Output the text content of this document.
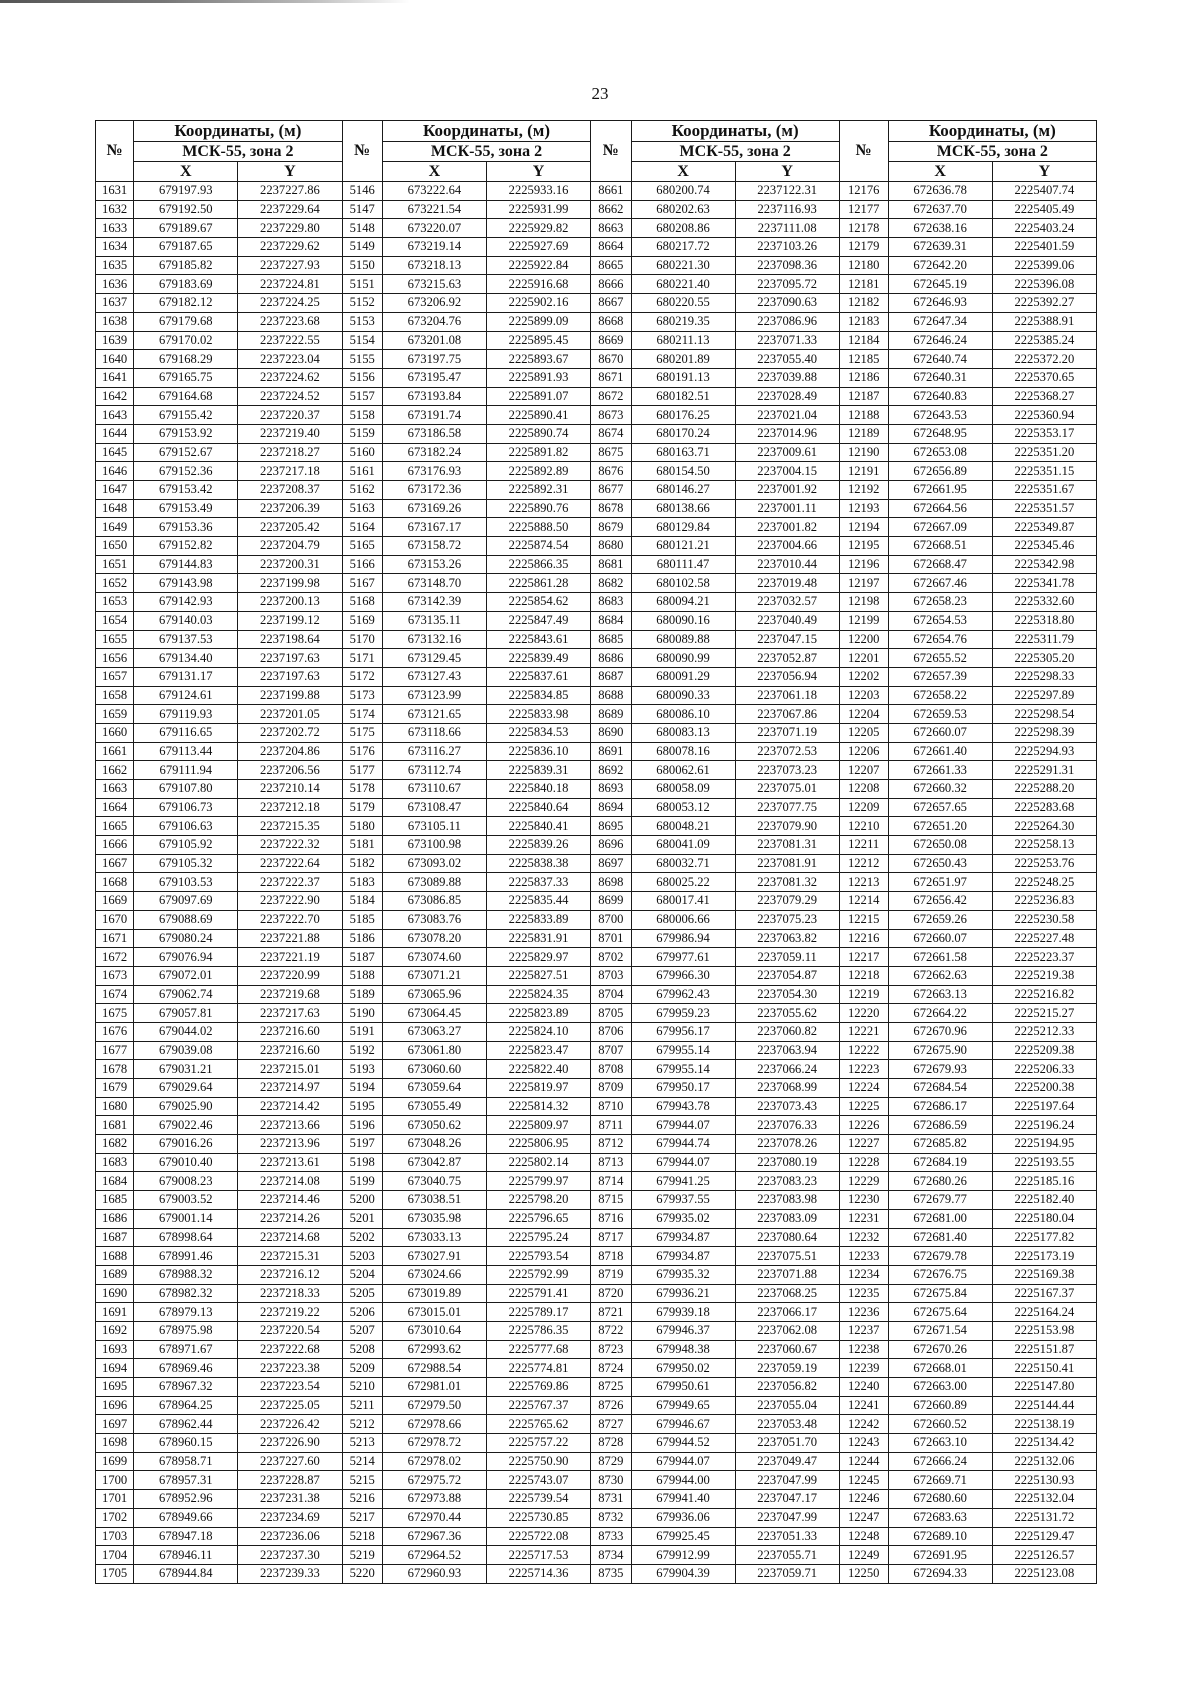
23
№	Координаты, (м)		№	Координаты, (м)		№	Координаты, (м)		№	Координаты, (м)	
	МСК-55, зона 2			МСК-55, зона 2			МСК-55, зона 2			МСК-55, зона 2	
	X	Y		X	Y		X	Y		X	Y
1631	679197.93	2237227.86	5146	673222.64	2225933.16	8661	680200.74	2237122.31	12176	672636.78	2225407.74
1632	679192.50	2237229.64	5147	673221.54	2225931.99	8662	680202.63	2237116.93	12177	672637.70	2225405.49
1633	679189.67	2237229.80	5148	673220.07	2225929.82	8663	680208.86	2237111.08	12178	672638.16	2225403.24
1634	679187.65	2237229.62	5149	673219.14	2225927.69	8664	680217.72	2237103.26	12179	672639.31	2225401.59
1635	679185.82	2237227.93	5150	673218.13	2225922.84	8665	680221.30	2237098.36	12180	672642.20	2225399.06
1636	679183.69	2237224.81	5151	673215.63	2225916.68	8666	680221.40	2237095.72	12181	672645.19	2225396.08
1637	679182.12	2237224.25	5152	673206.92	2225902.16	8667	680220.55	2237090.63	12182	672646.93	2225392.27
1638	679179.68	2237223.68	5153	673204.76	2225899.09	8668	680219.35	2237086.96	12183	672647.34	2225388.91
1639	679170.02	2237222.55	5154	673201.08	2225895.45	8669	680211.13	2237071.33	12184	672646.24	2225385.24
1640	679168.29	2237223.04	5155	673197.75	2225893.67	8670	680201.89	2237055.40	12185	672640.74	2225372.20
1641	679165.75	2237224.62	5156	673195.47	2225891.93	8671	680191.13	2237039.88	12186	672640.31	2225370.65
1642	679164.68	2237224.52	5157	673193.84	2225891.07	8672	680182.51	2237028.49	12187	672640.83	2225368.27
1643	679155.42	2237220.37	5158	673191.74	2225890.41	8673	680176.25	2237021.04	12188	672643.53	2225360.94
1644	679153.92	2237219.40	5159	673186.58	2225890.74	8674	680170.24	2237014.96	12189	672648.95	2225353.17
1645	679152.67	2237218.27	5160	673182.24	2225891.82	8675	680163.71	2237009.61	12190	672653.08	2225351.20
1646	679152.36	2237217.18	5161	673176.93	2225892.89	8676	680154.50	2237004.15	12191	672656.89	2225351.15
1647	679153.42	2237208.37	5162	673172.36	2225892.31	8677	680146.27	2237001.92	12192	672661.95	2225351.67
1648	679153.49	2237206.39	5163	673169.26	2225890.76	8678	680138.66	2237001.11	12193	672664.56	2225351.57
1649	679153.36	2237205.42	5164	673167.17	2225888.50	8679	680129.84	2237001.82	12194	672667.09	2225349.87
1650	679152.82	2237204.79	5165	673158.72	2225874.54	8680	680121.21	2237004.66	12195	672668.51	2225345.46
1651	679144.83	2237200.31	5166	673153.26	2225866.35	8681	680111.47	2237010.44	12196	672668.47	2225342.98
1652	679143.98	2237199.98	5167	673148.70	2225861.28	8682	680102.58	2237019.48	12197	672667.46	2225341.78
1653	679142.93	2237200.13	5168	673142.39	2225854.62	8683	680094.21	2237032.57	12198	672658.23	2225332.60
1654	679140.03	2237199.12	5169	673135.11	2225847.49	8684	680090.16	2237040.49	12199	672654.53	2225318.80
1655	679137.53	2237198.64	5170	673132.16	2225843.61	8685	680089.88	2237047.15	12200	672654.76	2225311.79
1656	679134.40	2237197.63	5171	673129.45	2225839.49	8686	680090.99	2237052.87	12201	672655.52	2225305.20
1657	679131.17	2237197.63	5172	673127.43	2225837.61	8687	680091.29	2237056.94	12202	672657.39	2225298.33
1658	679124.61	2237199.88	5173	673123.99	2225834.85	8688	680090.33	2237061.18	12203	672658.22	2225297.89
1659	679119.93	2237201.05	5174	673121.65	2225833.98	8689	680086.10	2237067.86	12204	672659.53	2225298.54
1660	679116.65	2237202.72	5175	673118.66	2225834.53	8690	680083.13	2237071.19	12205	672660.07	2225298.39
1661	679113.44	2237204.86	5176	673116.27	2225836.10	8691	680078.16	2237072.53	12206	672661.40	2225294.93
1662	679111.94	2237206.56	5177	673112.74	2225839.31	8692	680062.61	2237073.23	12207	672661.33	2225291.31
1663	679107.80	2237210.14	5178	673110.67	2225840.18	8693	680058.09	2237075.01	12208	672660.32	2225288.20
1664	679106.73	2237212.18	5179	673108.47	2225840.64	8694	680053.12	2237077.75	12209	672657.65	2225283.68
1665	679106.63	2237215.35	5180	673105.11	2225840.41	8695	680048.21	2237079.90	12210	672651.20	2225264.30
1666	679105.92	2237222.32	5181	673100.98	2225839.26	8696	680041.09	2237081.31	12211	672650.08	2225258.13
1667	679105.32	2237222.64	5182	673093.02	2225838.38	8697	680032.71	2237081.91	12212	672650.43	2225253.76
1668	679103.53	2237222.37	5183	673089.88	2225837.33	8698	680025.22	2237081.32	12213	672651.97	2225248.25
1669	679097.69	2237222.90	5184	673086.85	2225835.44	8699	680017.41	2237079.29	12214	672656.42	2225236.83
1670	679088.69	2237222.70	5185	673083.76	2225833.89	8700	680006.66	2237075.23	12215	672659.26	2225230.58
1671	679080.24	2237221.88	5186	673078.20	2225831.91	8701	679986.94	2237063.82	12216	672660.07	2225227.48
1672	679076.94	2237221.19	5187	673074.60	2225829.97	8702	679977.61	2237059.11	12217	672661.58	2225223.37
1673	679072.01	2237220.99	5188	673071.21	2225827.51	8703	679966.30	2237054.87	12218	672662.63	2225219.38
1674	679062.74	2237219.68	5189	673065.96	2225824.35	8704	679962.43	2237054.30	12219	672663.13	2225216.82
1675	679057.81	2237217.63	5190	673064.45	2225823.89	8705	679959.23	2237055.62	12220	672664.22	2225215.27
1676	679044.02	2237216.60	5191	673063.27	2225824.10	8706	679956.17	2237060.82	12221	672670.96	2225212.33
1677	679039.08	2237216.60	5192	673061.80	2225823.47	8707	679955.14	2237063.94	12222	672675.90	2225209.38
1678	679031.21	2237215.01	5193	673060.60	2225822.40	8708	679955.14	2237066.24	12223	672679.93	2225206.33
1679	679029.64	2237214.97	5194	673059.64	2225819.97	8709	679950.17	2237068.99	12224	672684.54	2225200.38
1680	679025.90	2237214.42	5195	673055.49	2225814.32	8710	679943.78	2237073.43	12225	672686.17	2225197.64
1681	679022.46	2237213.66	5196	673050.62	2225809.97	8711	679944.07	2237076.33	12226	672686.59	2225196.24
1682	679016.26	2237213.96	5197	673048.26	2225806.95	8712	679944.74	2237078.26	12227	672685.82	2225194.95
1683	679010.40	2237213.61	5198	673042.87	2225802.14	8713	679944.07	2237080.19	12228	672684.19	2225193.55
1684	679008.23	2237214.08	5199	673040.75	2225799.97	8714	679941.25	2237083.23	12229	672680.26	2225185.16
1685	679003.52	2237214.46	5200	673038.51	2225798.20	8715	679937.55	2237083.98	12230	672679.77	2225182.40
1686	679001.14	2237214.26	5201	673035.98	2225796.65	8716	679935.02	2237083.09	12231	672681.00	2225180.04
1687	678998.64	2237214.68	5202	673033.13	2225795.24	8717	679934.87	2237080.64	12232	672681.40	2225177.82
1688	678991.46	2237215.31	5203	673027.91	2225793.54	8718	679934.87	2237075.51	12233	672679.78	2225173.19
1689	678988.32	2237216.12	5204	673024.66	2225792.99	8719	679935.32	2237071.88	12234	672676.75	2225169.38
1690	678982.32	2237218.33	5205	673019.89	2225791.41	8720	679936.21	2237068.25	12235	672675.84	2225167.37
1691	678979.13	2237219.22	5206	673015.01	2225789.17	8721	679939.18	2237066.17	12236	672675.64	2225164.24
1692	678975.98	2237220.54	5207	673010.64	2225786.35	8722	679946.37	2237062.08	12237	672671.54	2225153.98
1693	678971.67	2237222.68	5208	672993.62	2225777.68	8723	679948.38	2237060.67	12238	672670.26	2225151.87
1694	678969.46	2237223.38	5209	672988.54	2225774.81	8724	679950.02	2237059.19	12239	672668.01	2225150.41
1695	678967.32	2237223.54	5210	672981.01	2225769.86	8725	679950.61	2237056.82	12240	672663.00	2225147.80
1696	678964.25	2237225.05	5211	672979.50	2225767.37	8726	679949.65	2237055.04	12241	672660.89	2225144.44
1697	678962.44	2237226.42	5212	672978.66	2225765.62	8727	679946.67	2237053.48	12242	672660.52	2225138.19
1698	678960.15	2237226.90	5213	672978.72	2225757.22	8728	679944.52	2237051.70	12243	672663.10	2225134.42
1699	678958.71	2237227.60	5214	672978.02	2225750.90	8729	679944.07	2237049.47	12244	672666.24	2225132.06
1700	678957.31	2237228.87	5215	672975.72	2225743.07	8730	679944.00	2237047.99	12245	672669.71	2225130.93
1701	678952.96	2237231.38	5216	672973.88	2225739.54	8731	679941.40	2237047.17	12246	672680.60	2225132.04
1702	678949.66	2237234.69	5217	672970.44	2225730.85	8732	679936.06	2237047.99	12247	672683.63	2225131.72
1703	678947.18	2237236.06	5218	672967.36	2225722.08	8733	679925.45	2237051.33	12248	672689.10	2225129.47
1704	678946.11	2237237.30	5219	672964.52	2225717.53	8734	679912.99	2237055.71	12249	672691.95	2225126.57
1705	678944.84	2237239.33	5220	672960.93	2225714.36	8735	679904.39	2237059.71	12250	672694.33	2225123.08
